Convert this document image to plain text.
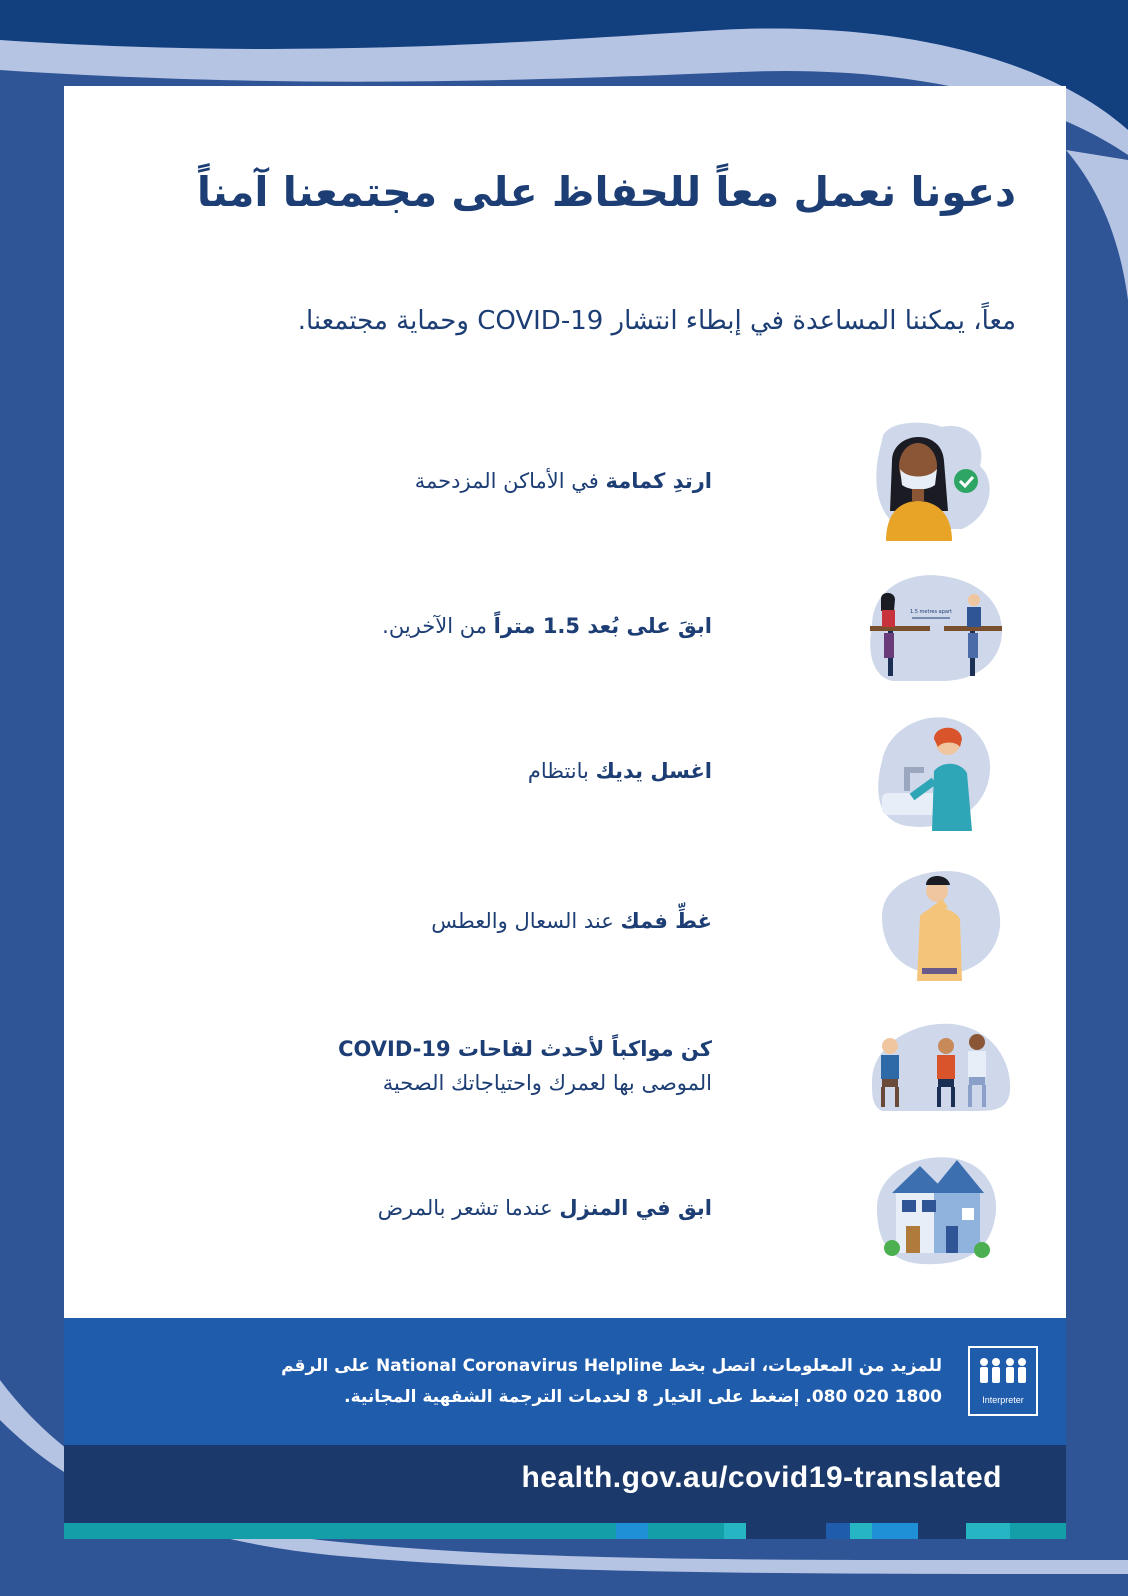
دعونا نعمل معاً للحفاظ على مجتمعنا آمناً

معاً، يمكننا المساعدة في إبطاء انتشار COVID-19 وحماية مجتمعنا.

ارتدِ كمامة في الأماكن المزدحمة
1.5 metres apart
ابقَ على بُعد 1.5 متراً من الآخرين.
اغسل يديك بانتظام
غطِّ فمك عند السعال والعطس
كن مواكباً لأحدث لقاحات COVID-19
الموصى بها لعمرك واحتياجاتك الصحية
ابق في المنزل عندما تشعر بالمرض
Interpreter
للمزيد من المعلومات، اتصل بخط National Coronavirus Helpline على الرقم
1800 020 080. إضغط على الخيار 8 لخدمات الترجمة الشفهية المجانية.
health.gov.au/covid19-translated
